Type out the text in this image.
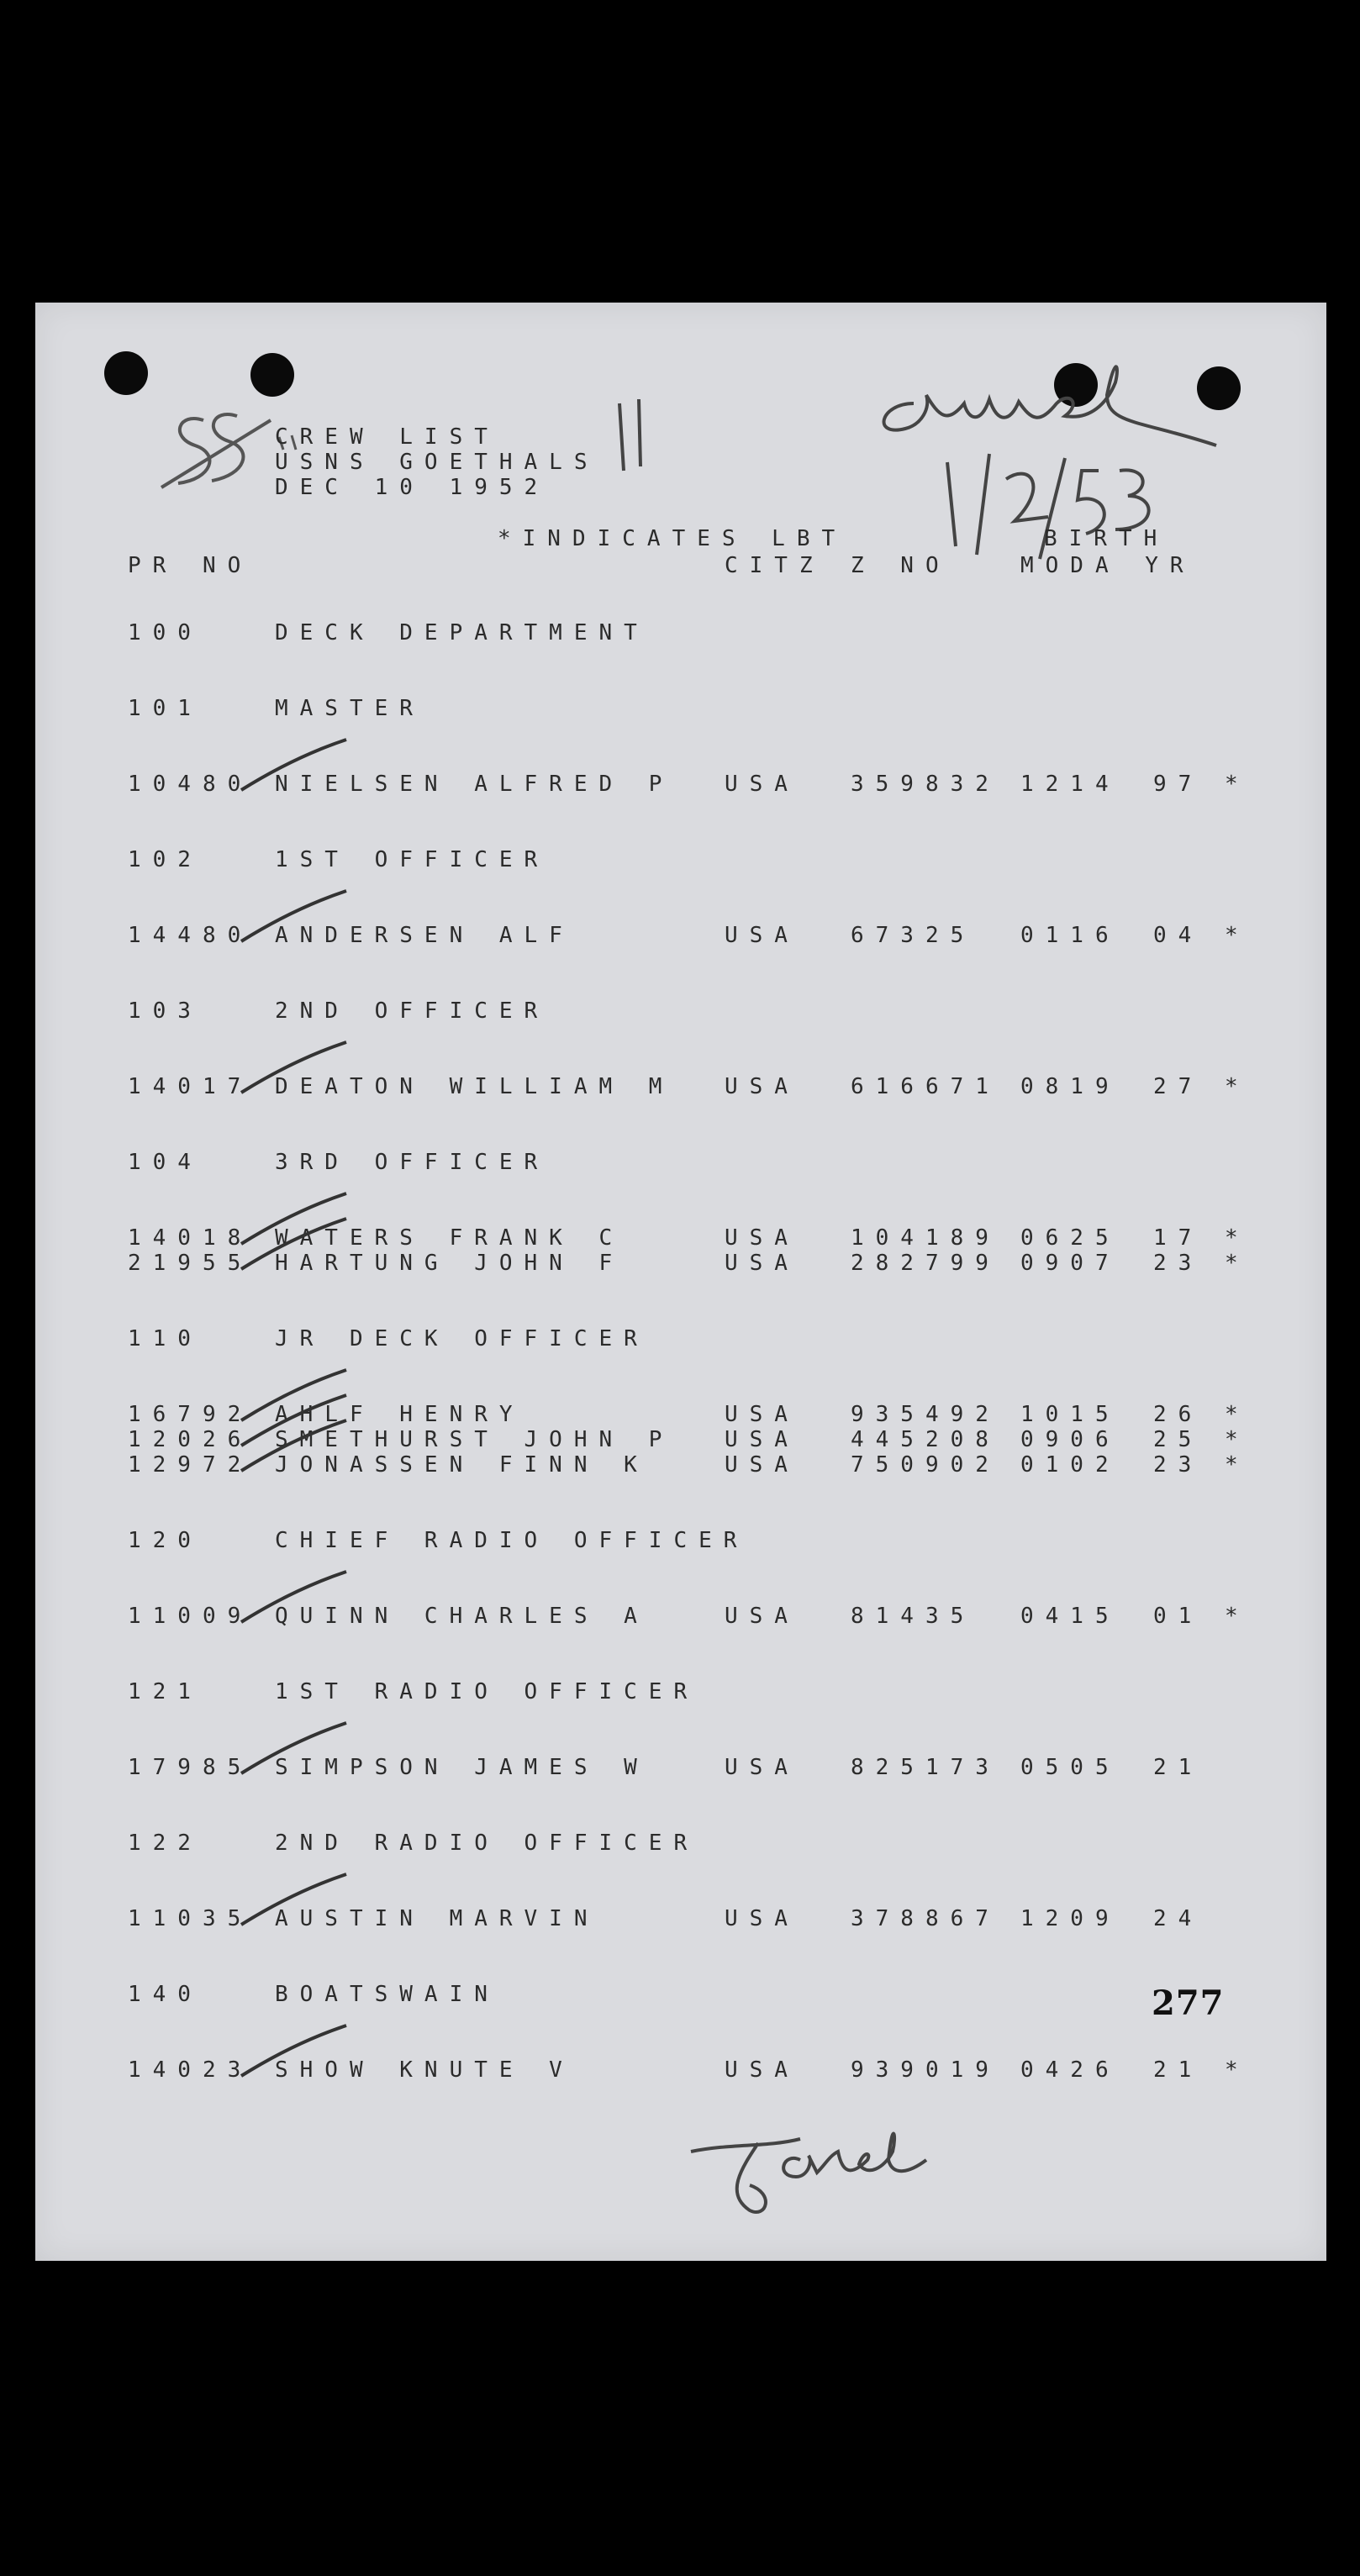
CREW LIST
USNS GOETHALS
DEC 10 1952
*INDICATES LBT	BIRTH
PR NO	CITZ Z NO	MODA YR
100	DECK DEPARTMENT
101	MASTER
10480 NIELSEN ALFRED P USA 359832 1214 97 *
102	1ST OFFICER
14480 ANDERSEN ALF	USA 67325 0116 04 *
103	2ND OFFICER
14017 DEATON WILLIAM M USA 616671 0819 27 *
104	3RD OFFICER
14018 WATERS FRANK C	USA 104189 0625 17 *
21955 HARTUNG JOHN F	USA 282799 0907 23 *
110	JR DECK OFFICER
16792 AHLF HENRY	USA 935492 1015 26 *
12026 SMETHURST JOHN P USA 445208 0906 25 *
12972 JONASSEN FINN K	USA 750902 0102 23 *
120	CHIEF RADIO OFFICER
11009 QUINN CHARLES A	USA 81435 0415 01 *
121	1ST RADIO OFFICER
17985 SIMPSON JAMES W	USA 825173 0505 21
122	2ND RADIO OFFICER
11035 AUSTIN MARVIN	USA 378867 1209 24
140	BOATSWAIN
14023 SHOW KNUTE V	USA 939019 0426 21 *
277
